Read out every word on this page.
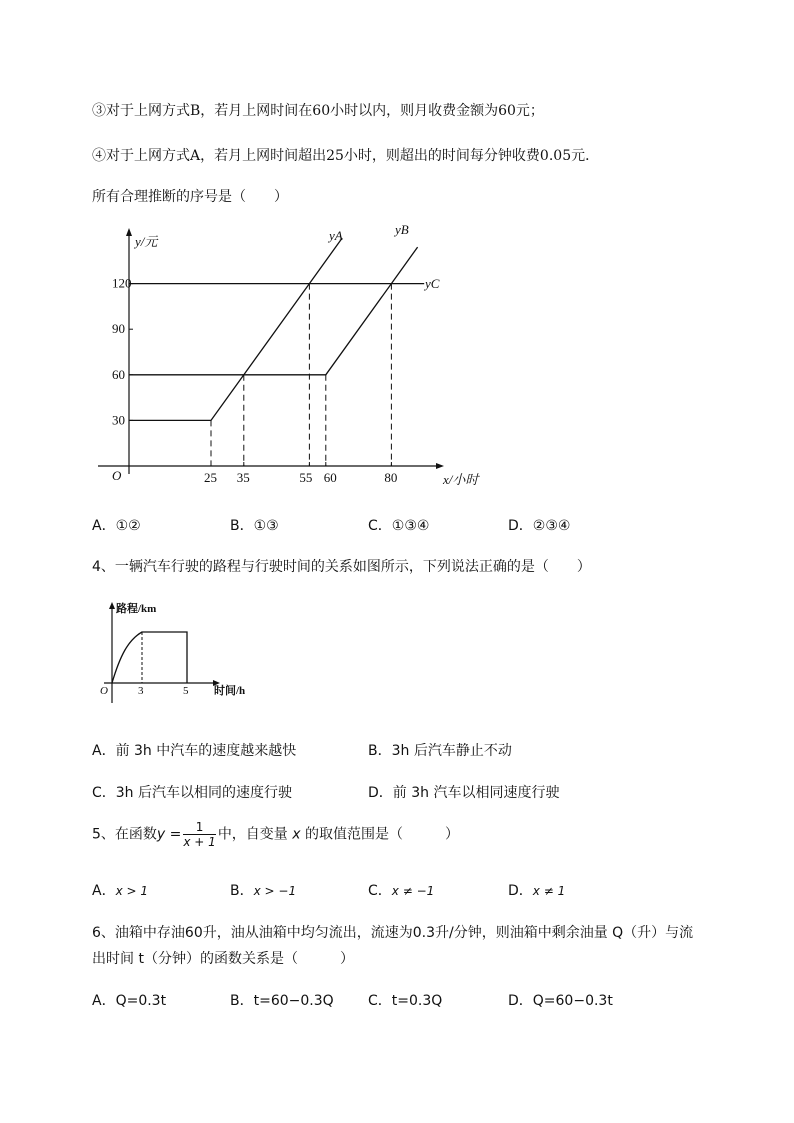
③对于上网方式B，若月上网时间在60小时以内，则月收费金额为60元；
④对于上网方式A，若月上网时间超出25小时，则超出的时间每分钟收费0.05元．
所有合理推断的序号是（　　）
120
90
60
30
25 35	55 60	80
y/元
x/小时
O
yA	yB
yC
A．①②	B．①③	C．①③④	D．②③④
4、一辆汽车行驶的路程与行驶时间的关系如图所示，下列说法正确的是（　　）
路程/km
O	3	5 时间/h
A．前 3h 中汽车的速度越来越快	B．3h 后汽车静止不动
C．3h 后汽车以相同的速度行驶	D．前 3h 汽车以相同速度行驶
5、在函数$y = \frac{1}{x + 1}$ 中，自变量 x 的取值范围是（　　　）
A．x > 1	B．x > −1	C．x ≠ −1	D．x ≠ 1
6、油箱中存油60升，油从油箱中均匀流出，流速为0.3升/分钟，则油箱中剩余油量 Q（升）与流
出时间 t（分钟）的函数关系是（　　　）
A．Q=0.3t	B．t=60−0.3Q C．t=0.3Q	D．Q=60−0.3t
